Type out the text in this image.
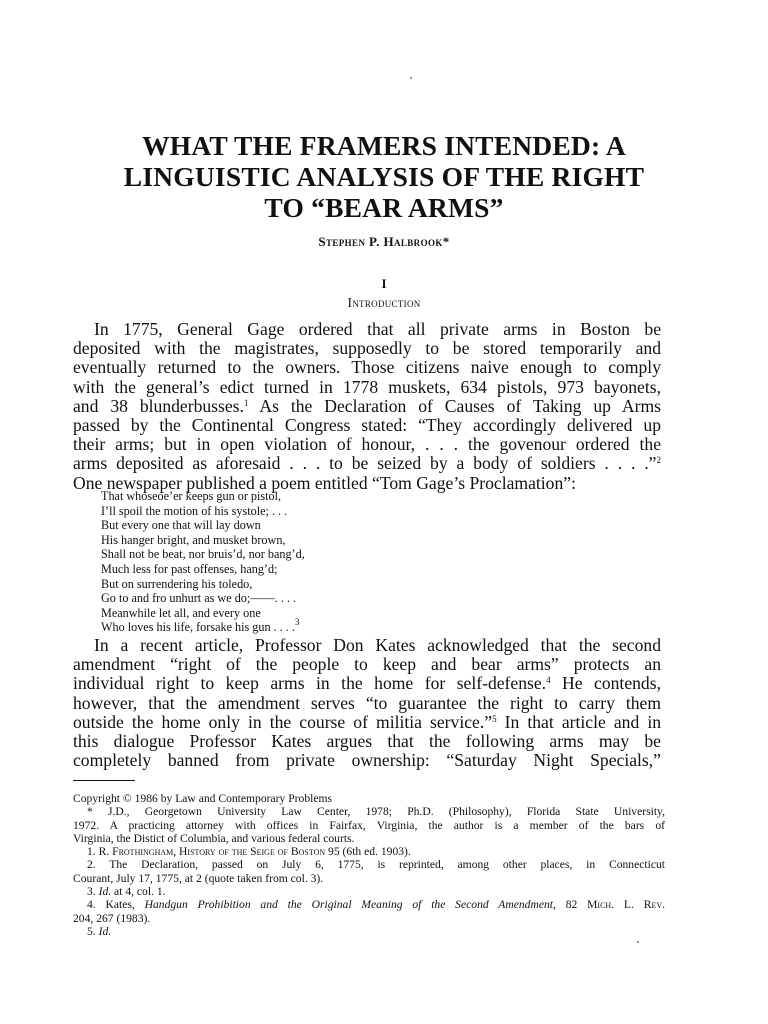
WHAT THE FRAMERS INTENDED: A
LINGUISTIC ANALYSIS OF THE RIGHT
TO “BEAR ARMS”
Stephen P. Halbrook*
I
Introduction
In 1775, General Gage ordered that all private arms in Boston be
deposited with the magistrates, supposedly to be stored temporarily and
eventually returned to the owners. Those citizens naive enough to comply
with the general’s edict turned in 1778 muskets, 634 pistols, 973 bayonets,
and 38 blunderbusses.$^1$ As the Declaration of Causes of Taking up Arms
passed by the Continental Congress stated: “They accordingly delivered up
their arms; but in open violation of honour, . . . the govenour ordered the
arms deposited as aforesaid . . . to be seized by a body of soldiers . . . .”$^2$
One newspaper published a poem entitled “Tom Gage’s Proclamation”:
That whoseoe’er keeps gun or pistol,
I’ll spoil the motion of his systole; . . .
But every one that will lay down
His hanger bright, and musket brown,
Shall not be beat, nor bruis’d, nor bang’d,
Much less for past offenses, hang’d;
But on surrendering his toledo,
Go to and fro unhurt as we do;——. . . .
Meanwhile let all, and every one
Who loves his life, forsake his gun . . . .$^3$
In a recent article, Professor Don Kates acknowledged that the second
amendment “right of the people to keep and bear arms” protects an
individual right to keep arms in the home for self-defense.$^4$ He contends,
however, that the amendment serves “to guarantee the right to carry them
outside the home only in the course of militia service.”$^5$ In that article and in
this dialogue Professor Kates argues that the following arms may be
completely banned from private ownership: “Saturday Night Specials,”
Copyright © 1986 by Law and Contemporary Problems
* J.D., Georgetown University Law Center, 1978; Ph.D. (Philosophy), Florida State University,
1972. A practicing attorney with offices in Fairfax, Virginia, the author is a member of the bars of
Virginia, the Distict of Columbia, and various federal courts.
1. R. Frothingham, History of the Seige of Boston 95 (6th ed. 1903).
2. The Declaration, passed on July 6, 1775, is reprinted, among other places, in Connecticut
Courant, July 17, 1775, at 2 (quote taken from col. 3).
3. Id. at 4, col. 1.
4. Kates, Handgun Prohibition and the Original Meaning of the Second Amendment, 82 Mich. L. Rev.
204, 267 (1983).
5. Id.
